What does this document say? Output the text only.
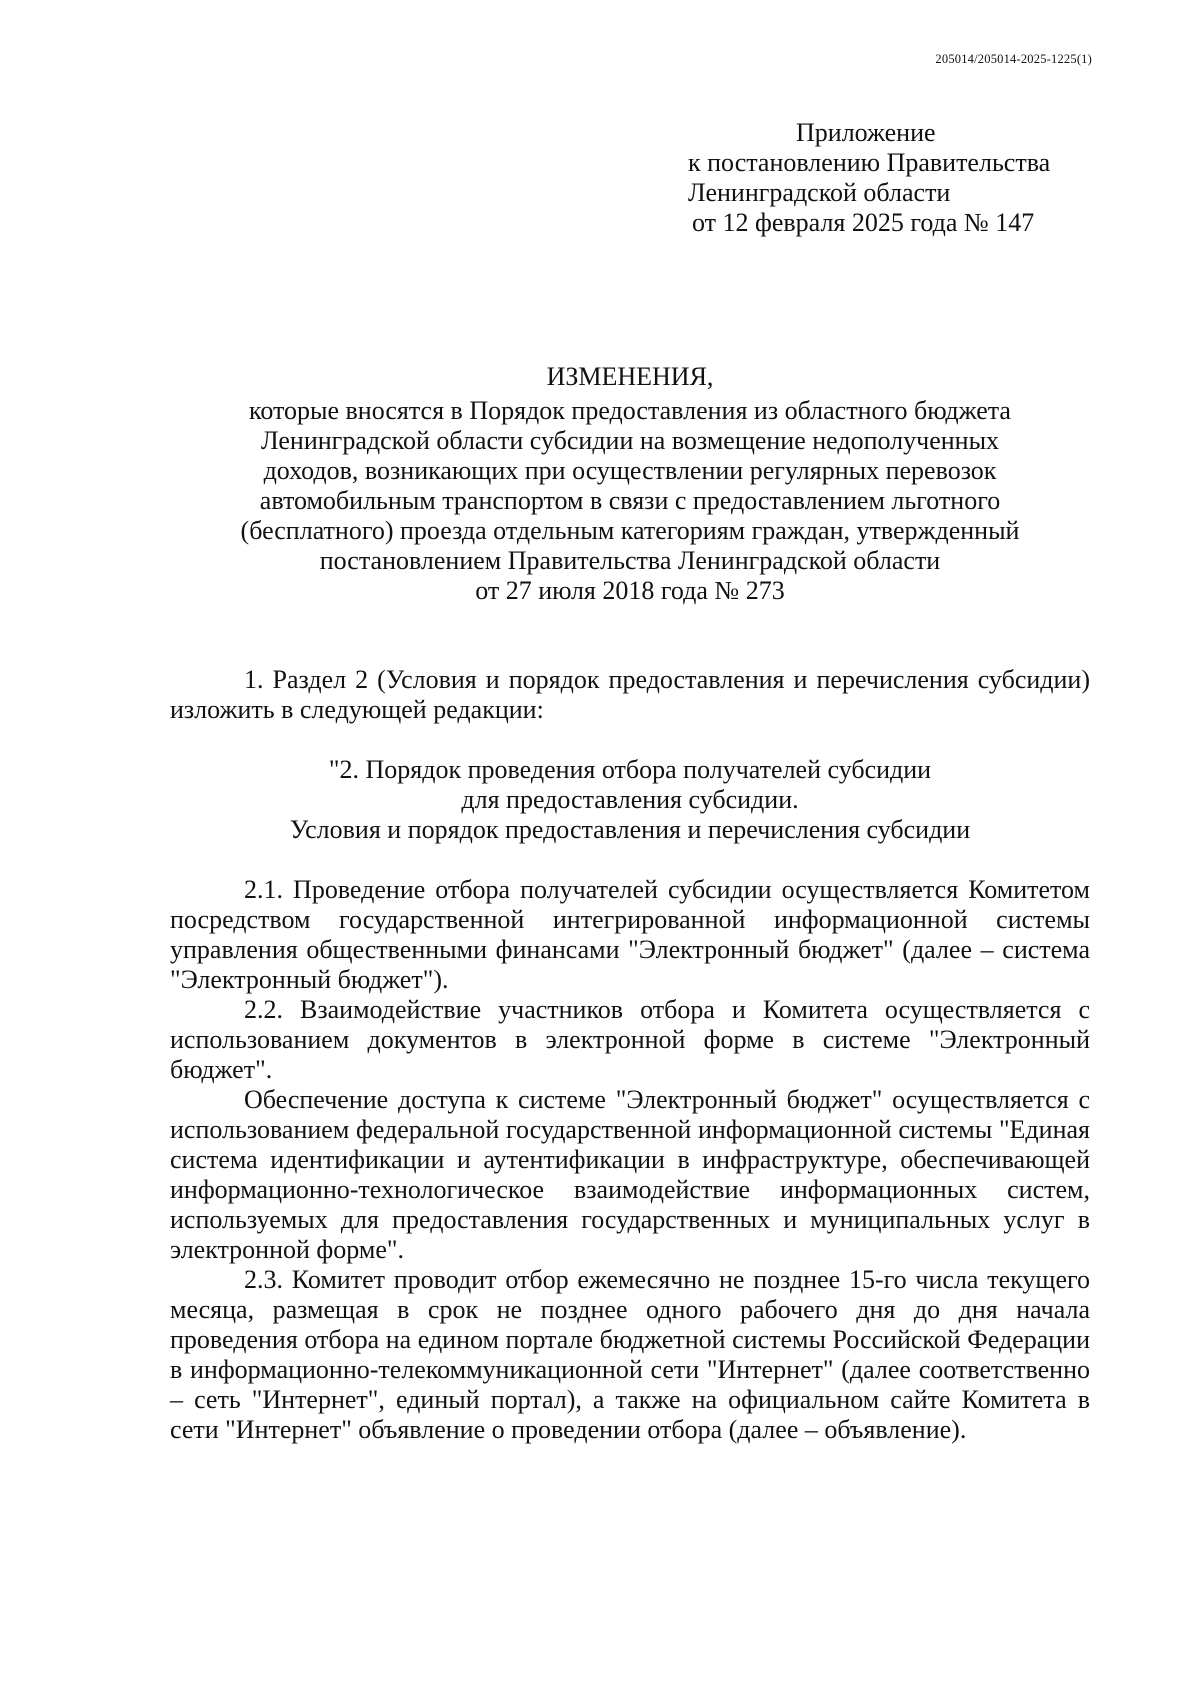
205014/205014-2025-1225(1)
Приложение
к постановлению Правительства
Ленинградской области
от 12 февраля 2025 года № 147
ИЗМЕНЕНИЯ,
которые вносятся в Порядок предоставления из областного бюджета
Ленинградской области субсидии на возмещение недополученных
доходов, возникающих при осуществлении регулярных перевозок
автомобильным транспортом в связи с предоставлением льготного
(бесплатного) проезда отдельным категориям граждан, утвержденный
постановлением Правительства Ленинградской области
от 27 июля 2018 года № 273

1. Раздел 2 (Условия и порядок предоставления и перечисления субсидии) изложить в следующей редакции:

"2. Порядок проведения отбора получателей субсидии
для предоставления субсидии.
Условия и порядок предоставления и перечисления субсидии

2.1. Проведение отбора получателей субсидии осуществляется Комитетом посредством государственной интегрированной информационной системы управления общественными финансами "Электронный бюджет" (далее – система "Электронный бюджет").

2.2. Взаимодействие участников отбора и Комитета осуществляется с использованием документов в электронной форме в системе "Электронный бюджет".

Обеспечение доступа к системе "Электронный бюджет" осуществляется с использованием федеральной государственной информационной системы "Единая система идентификации и аутентификации в инфраструктуре, обеспечивающей информационно-технологическое взаимодействие информационных систем, используемых для предоставления государственных и муниципальных услуг в электронной форме".

2.3. Комитет проводит отбор ежемесячно не позднее 15-го числа текущего месяца, размещая в срок не позднее одного рабочего дня до дня начала проведения отбора на едином портале бюджетной системы Российской Федерации в информационно-телекоммуникационной сети "Интернет" (далее соответственно – сеть "Интернет", единый портал), а также на официальном сайте Комитета в сети "Интернет" объявление о проведении отбора (далее – объявление).
